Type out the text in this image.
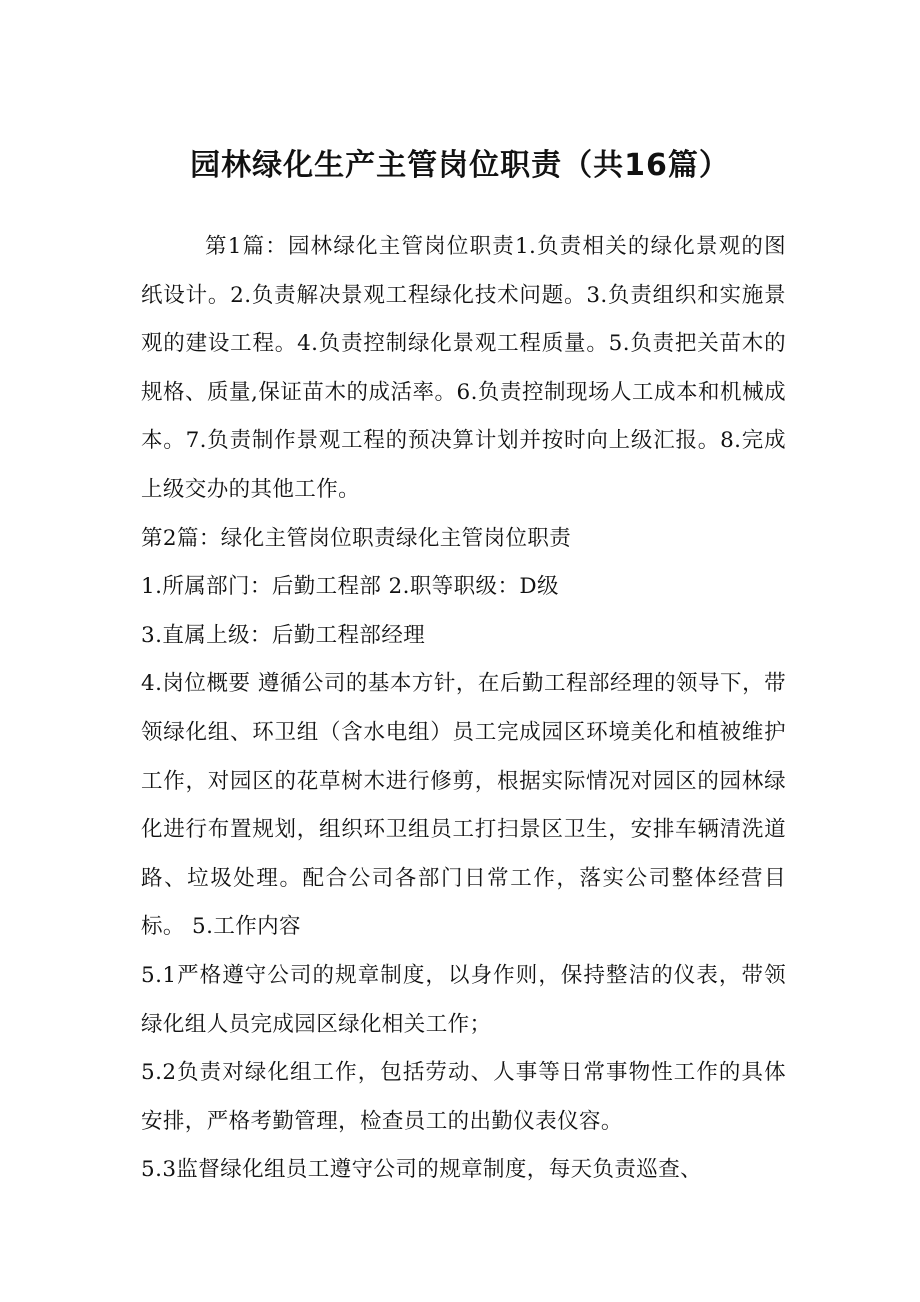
园林绿化生产主管岗位职责（共16篇）

第1篇：园林绿化主管岗位职责1.负责相关的绿化景观的图纸设计。2.负责解决景观工程绿化技术问题。3.负责组织和实施景观的建设工程。4.负责控制绿化景观工程质量。5.负责把关苗木的规格、质量,保证苗木的成活率。6.负责控制现场人工成本和机械成本。7.负责制作景观工程的预决算计划并按时向上级汇报。8.完成上级交办的其他工作。

第2篇：绿化主管岗位职责绿化主管岗位职责

1.所属部门：后勤工程部 2.职等职级：D级

3.直属上级：后勤工程部经理

4.岗位概要 遵循公司的基本方针，在后勤工程部经理的领导下，带领绿化组、环卫组（含水电组）员工完成园区环境美化和植被维护工作，对园区的花草树木进行修剪，根据实际情况对园区的园林绿化进行布置规划，组织环卫组员工打扫景区卫生，安排车辆清洗道路、垃圾处理。配合公司各部门日常工作，落实公司整体经营目标。 5.工作内容

5.1严格遵守公司的规章制度，以身作则，保持整洁的仪表，带领绿化组人员完成园区绿化相关工作；

5.2负责对绿化组工作，包括劳动、人事等日常事物性工作的具体安排，严格考勤管理，检查员工的出勤仪表仪容。

5.3监督绿化组员工遵守公司的规章制度，每天负责巡查、
